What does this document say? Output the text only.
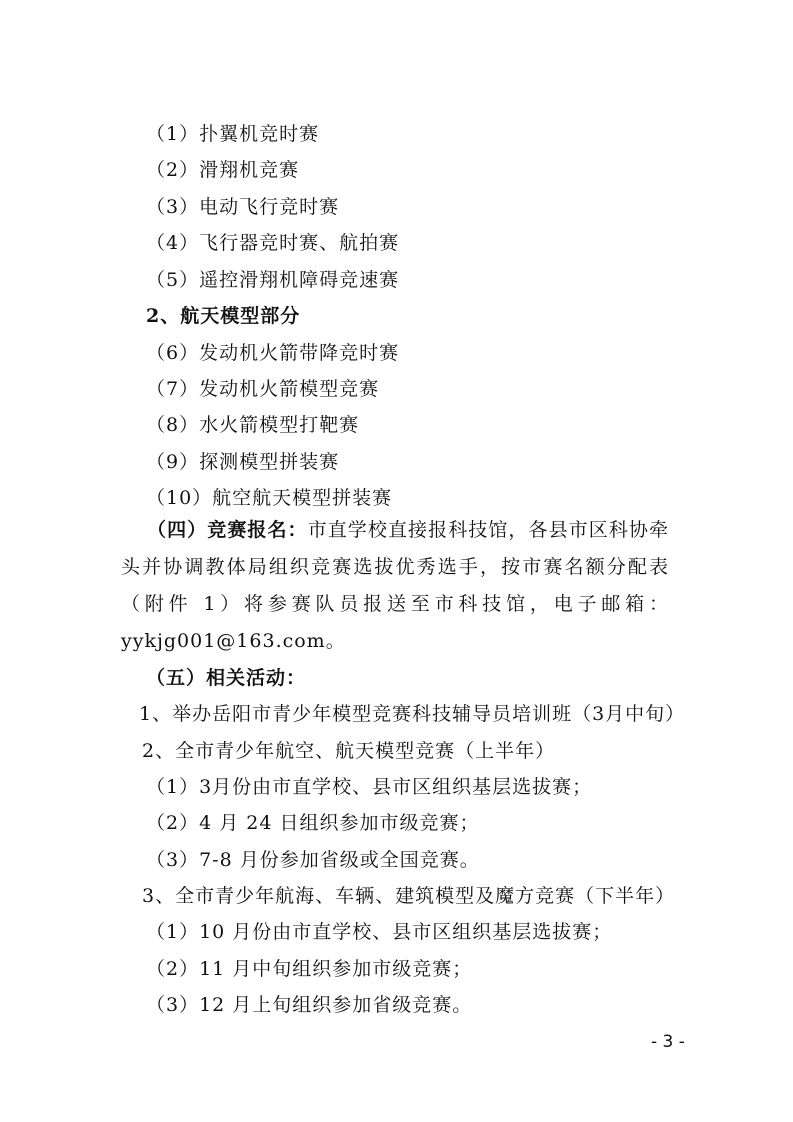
（1）扑翼机竞时赛
（2）滑翔机竞赛
（3）电动飞行竞时赛
（4）飞行器竞时赛、航拍赛
（5）遥控滑翔机障碍竞速赛
2、航天模型部分
（6）发动机火箭带降竞时赛
（7）发动机火箭模型竞赛
（8）水火箭模型打靶赛
（9）探测模型拼装赛
（10）航空航天模型拼装赛
（四）竞赛报名：市直学校直接报科技馆，各县市区科协牵头并协调教体局组织竞赛选拔优秀选手，按市赛名额分配表（附件 1）将参赛队员报送至市科技馆，电子邮箱：yykjg001@163.com。
（五）相关活动：
1、举办岳阳市青少年模型竞赛科技辅导员培训班（3月中旬）
2、全市青少年航空、航天模型竞赛（上半年）
（1）3月份由市直学校、县市区组织基层选拔赛；
（2）4 月 24 日组织参加市级竞赛；
（3）7-8 月份参加省级或全国竞赛。
3、全市青少年航海、车辆、建筑模型及魔方竞赛（下半年）
（1）10 月份由市直学校、县市区组织基层选拔赛；
（2）11 月中旬组织参加市级竞赛；
（3）12 月上旬组织参加省级竞赛。
- 3 -
